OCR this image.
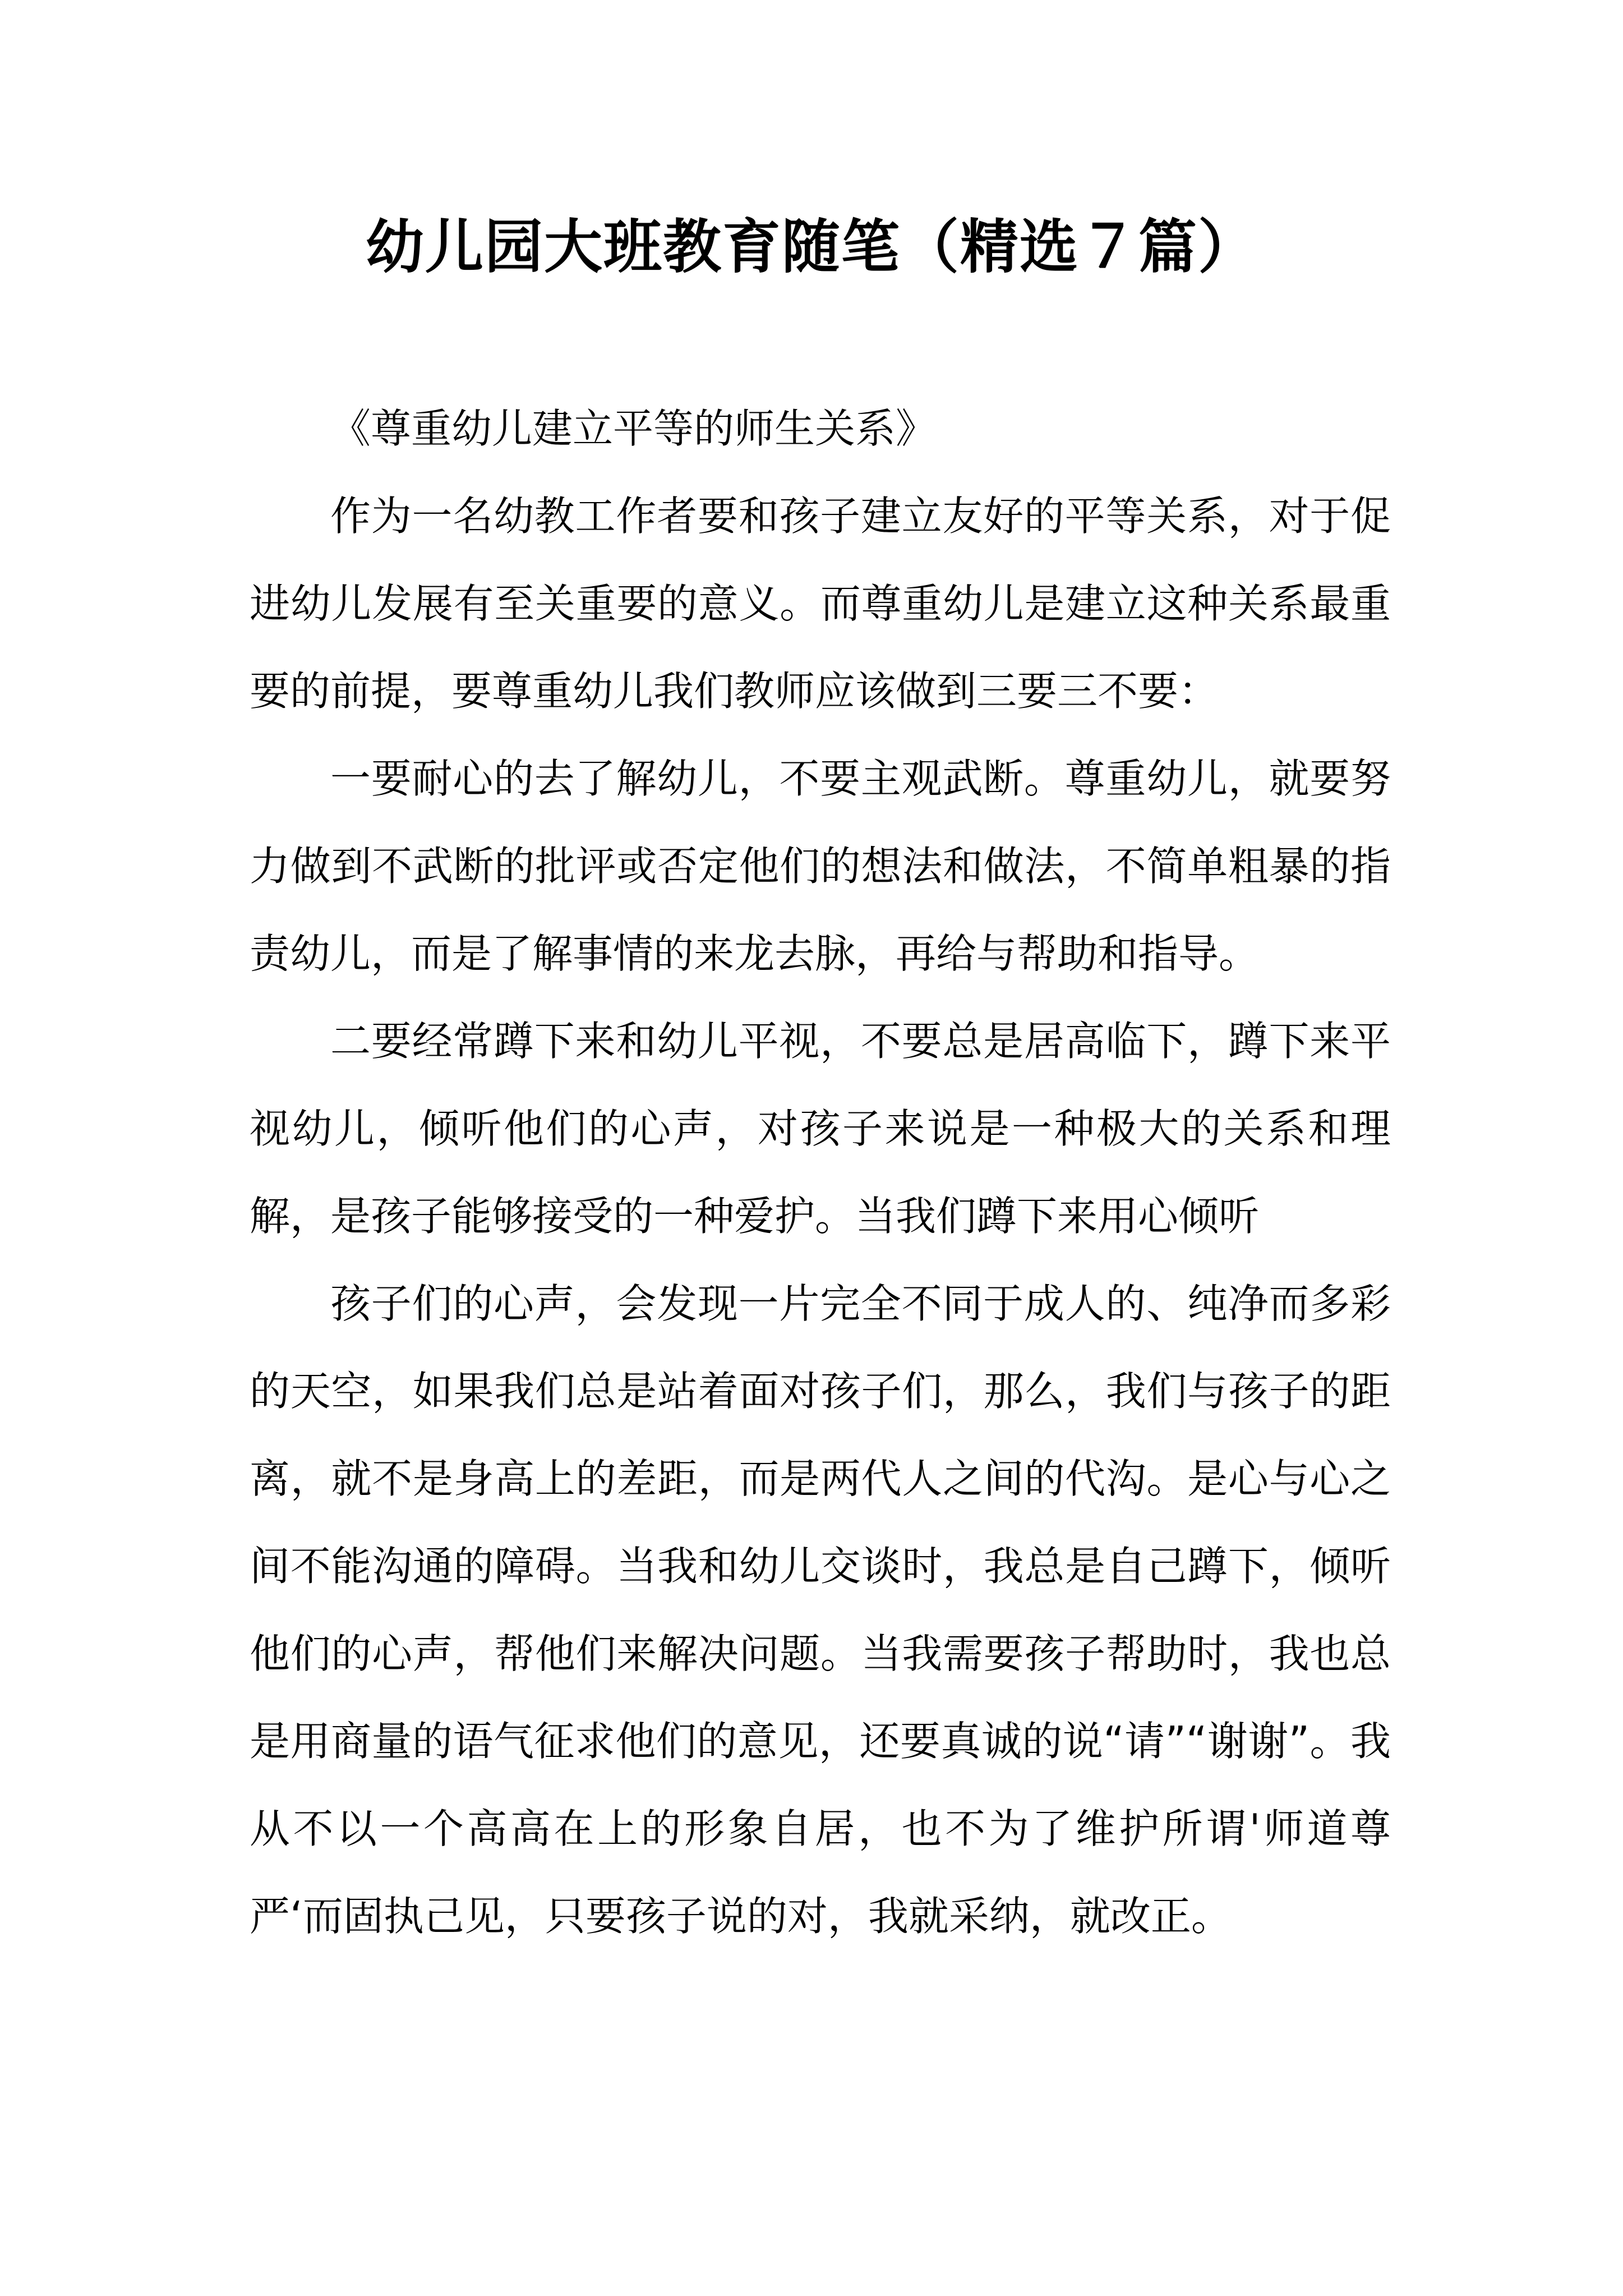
幼儿园大班教育随笔（精选７篇）

《尊重幼儿建立平等的师生关系》

作为一名幼教工作者要和孩子建立友好的平等关系，对于促进幼儿发展有至关重要的意义。而尊重幼儿是建立这种关系最重要的前提，要尊重幼儿我们教师应该做到三要三不要：

一要耐心的去了解幼儿，不要主观武断。尊重幼儿，就要努力做到不武断的批评或否定他们的想法和做法，不简单粗暴的指责幼儿，而是了解事情的来龙去脉，再给与帮助和指导。

二要经常蹲下来和幼儿平视，不要总是居高临下，蹲下来平视幼儿，倾听他们的心声，对孩子来说是一种极大的关系和理解，是孩子能够接受的一种爱护。当我们蹲下来用心倾听

孩子们的心声，会发现一片完全不同于成人的、纯净而多彩的天空，如果我们总是站着面对孩子们，那么，我们与孩子的距离，就不是身高上的差距，而是两代人之间的代沟。是心与心之间不能沟通的障碍。当我和幼儿交谈时，我总是自己蹲下，倾听他们的心声，帮他们来解决问题。当我需要孩子帮助时，我也总是用商量的语气征求他们的意见，还要真诚的说“请”“谢谢”。我从不以一个高高在上的形象自居，也不为了维护所谓'师道尊严‘而固执己见，只要孩子说的对，我就采纳，就改正。
